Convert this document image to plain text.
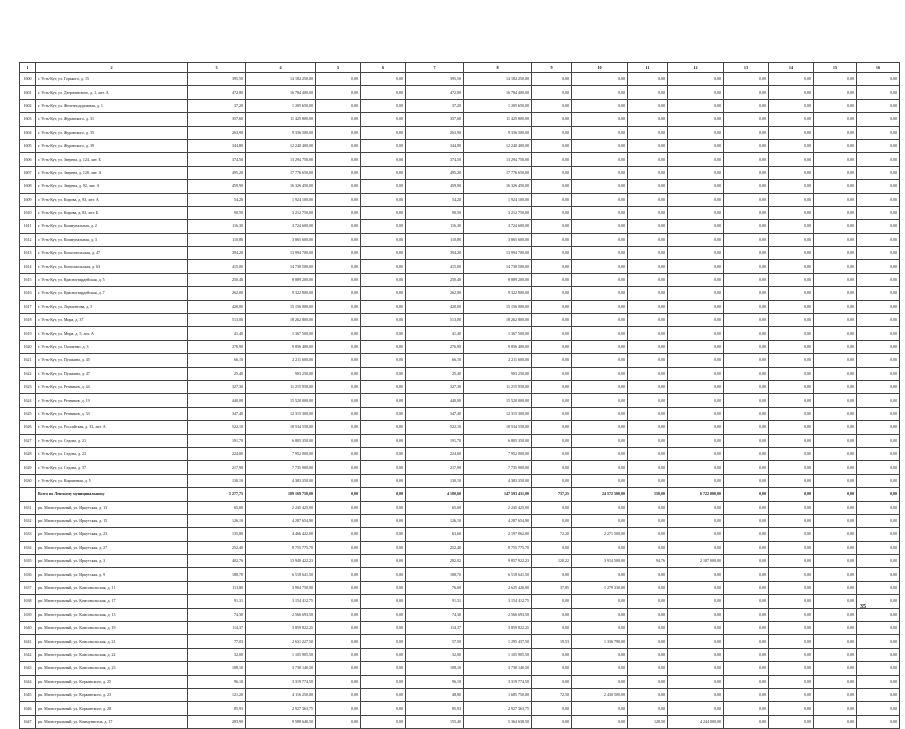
1	2	3	4	5	6	7	8	9	10	11	12	13	14	15	16
1600	г. Усть-Кут, ул. Горького, д. 15	395,50	14 182 250,00	0,00	0,00	395,50	14 182 250,00	0,00	0,00	0,00	0,00	0,00	0,00	0,00	0,00
1601	г. Усть-Кут, ул. Дзержинского, д. 1, лит. А	472,80	16 784 400,00	0,00	0,00	472,80	16 784 400,00	0,00	0,00	0,00	0,00	0,00	0,00	0,00	0,00
1602	г. Усть-Кут, ул. Железнодорожная, д. 1	37,20	1 205 650,00	0,00	0,00	37,20	1 205 650,00	0,00	0,00	0,00	0,00	0,00	0,00	0,00	0,00
1603	г. Усть-Кут, ул. Журавского, д. 31	357,60	11 425 800,00	0,00	0,00	357,60	11 425 800,00	0,00	0,00	0,00	0,00	0,00	0,00	0,00	0,00
1604	г. Усть-Кут, ул. Журавского, д. 35	263,90	9 336 500,00	0,00	0,00	263,90	9 336 500,00	0,00	0,00	0,00	0,00	0,00	0,00	0,00	0,00
1605	г. Усть-Кут, ул. Журавского, д. 39	344,80	12 240 400,00	0,00	0,00	344,80	12 240 400,00	0,00	0,00	0,00	0,00	0,00	0,00	0,00	0,00
1606	г. Усть-Кут, ул. Зверева, д. 124, лит. Б	374,50	13 294 750,00	0,00	0,00	374,50	13 294 750,00	0,00	0,00	0,00	0,00	0,00	0,00	0,00	0,00
1607	г. Усть-Кут, ул. Зверева, д. 128, лит. А	495,20	17 776 650,00	0,00	0,00	495,20	17 776 650,00	0,00	0,00	0,00	0,00	0,00	0,00	0,00	0,00
1608	г. Усть-Кут, ул. Зверева, д. 92, лит. А	459,90	16 326 450,00	0,00	0,00	459,90	16 326 450,00	0,00	0,00	0,00	0,00	0,00	0,00	0,00	0,00
1609	г. Усть-Кут, ул. Кирова, д. 83, лит. А	54,20	1 924 100,00	0,00	0,00	54,20	1 924 100,00	0,00	0,00	0,00	0,00	0,00	0,00	0,00	0,00
1610	г. Усть-Кут, ул. Кирова, д. 83, лит. Б	90,50	3 212 750,00	0,00	0,00	90,50	3 212 750,00	0,00	0,00	0,00	0,00	0,00	0,00	0,00	0,00
1611	г. Усть-Кут, ул. Коммунальная, д. 2	116,30	3 724 600,00	0,00	0,00	116,30	3 724 600,00	0,00	0,00	0,00	0,00	0,00	0,00	0,00	0,00
1612	г. Усть-Кут, ул. Коммунальная, д. 3	110,80	3 865 600,00	0,00	0,00	110,80	3 865 600,00	0,00	0,00	0,00	0,00	0,00	0,00	0,00	0,00
1613	г. Усть-Кут, ул. Комсомольская, д. 47	394,20	13 994 700,00	0,00	0,00	394,20	13 994 700,00	0,00	0,00	0,00	0,00	0,00	0,00	0,00	0,00
1614	г. Усть-Кут, ул. Комсомольская, д. 63	415,00	14 730 500,00	0,00	0,00	415,00	14 730 500,00	0,00	0,00	0,00	0,00	0,00	0,00	0,00	0,00
1615	г. Усть-Кут, ул. Красногвардейская, д. 5	250,40	8 889 200,00	0,00	0,00	250,40	8 889 200,00	0,00	0,00	0,00	0,00	0,00	0,00	0,00	0,00
1616	г. Усть-Кут, ул. Красногвардейская, д. 7	262,00	9 322 800,00	0,00	0,00	262,00	9 322 800,00	0,00	0,00	0,00	0,00	0,00	0,00	0,00	0,00
1617	г. Усть-Кут, ул. Лермонтова, д. 5	420,00	15 156 000,00	0,00	0,00	420,00	15 156 000,00	0,00	0,00	0,00	0,00	0,00	0,00	0,00	0,00
1618	г. Усть-Кут, ул. Мира, д. 37	513,00	18 262 800,00	0,00	0,00	513,00	18 262 800,00	0,00	0,00	0,00	0,00	0,00	0,00	0,00	0,00
1619	г. Усть-Кут, ул. Мира, д. 5, лит. А	41,40	1 367 500,00	0,00	0,00	41,40	1 367 500,00	0,00	0,00	0,00	0,00	0,00	0,00	0,00	0,00
1620	г. Усть-Кут, ул. Осипенко, д. 3	276,90	9 856 400,00	0,00	0,00	276,90	9 856 400,00	0,00	0,00	0,00	0,00	0,00	0,00	0,00	0,00
1621	г. Усть-Кут, ул. Пушкина, д. 45	66,10	2 211 600,00	0,00	0,00	66,10	2 211 600,00	0,00	0,00	0,00	0,00	0,00	0,00	0,00	0,00
1622	г. Усть-Кут, ул. Пушкина, д. 47	25,40	903 250,00	0,00	0,00	25,40	903 250,00	0,00	0,00	0,00	0,00	0,00	0,00	0,00	0,00
1623	г. Усть-Кут, ул. Речников, д. 44	327,30	11 215 950,00	0,00	0,00	327,30	11 215 950,00	0,00	0,00	0,00	0,00	0,00	0,00	0,00	0,00
1624	г. Усть-Кут, ул. Речников, д. 19	440,00	15 520 000,00	0,00	0,00	440,00	15 520 000,00	0,00	0,00	0,00	0,00	0,00	0,00	0,00	0,00
1625	г. Усть-Кут, ул. Речников, д. 33	347,40	12 315 300,00	0,00	0,00	347,40	12 315 300,00	0,00	0,00	0,00	0,00	0,00	0,00	0,00	0,00
1626	г. Усть-Кут, ул. Российская, д. 33, лит. А	522,10	18 534 550,00	0,00	0,00	522,10	18 534 550,00	0,00	0,00	0,00	0,00	0,00	0,00	0,00	0,00
1627	г. Усть-Кут, ул. Седова, д. 21	191,70	6 805 350,00	0,00	0,00	191,70	6 805 350,00	0,00	0,00	0,00	0,00	0,00	0,00	0,00	0,00
1628	г. Усть-Кут, ул. Седова, д. 23	224,00	7 952 000,00	0,00	0,00	224,00	7 952 000,00	0,00	0,00	0,00	0,00	0,00	0,00	0,00	0,00
1629	г. Усть-Кут, ул. Седова, д. 37	217,90	7 735 900,00	0,00	0,00	217,90	7 735 900,00	0,00	0,00	0,00	0,00	0,00	0,00	0,00	0,00
1630	г. Усть-Кут, ул. Кирпичная, д. 5	130,10	4 383 350,00	0,00	0,00	130,10	4 383 350,00	0,00	0,00	0,00	0,00	0,00	0,00	0,00	0,00
	Всего по Ленскому муниципальному	5 277,75	189 169 750,00	0,00	0,00	4 180,60	147 593 431,00	737,25	24 572 500,00	150,00	6 722 000,00	0,00	0,00	0,00	0,00
1631	рп. Магистральный, ул. Иркутская, д. 13	65,00	2 245 425,00	0,00	0,00	65,00	2 245 425,00	0,00	0,00	0,00	0,00	0,00	0,00	0,00	0,00
1632	рп. Магистральный, ул. Иркутская, д. 15	126,10	4 287 654,90	0,00	0,00	126,10	4 287 654,90	0,00	0,00	0,00	0,00	0,00	0,00	0,00	0,00
1633	рп. Магистральный, ул. Иркутская, д. 23	135,80	4 466 422,00	0,00	0,00	63,60	2 197 062,00	72,20	2 271 500,00	0,00	0,00	0,00	0,00	0,00	0,00
1634	рп. Магистральный, ул. Иркутская, д. 27	252,40	8 755 775,70	0,00	0,00	252,40	8 755 775,70	0,00	0,00	0,00	0,00	0,00	0,00	0,00	0,00
1635	рп. Магистральный, ул. Иркутская, д. 3	402,76	13 949 422,23	0,00	0,00	282,02	9 857 922,23	120,22	3 914 500,00	94,76	2 187 000,00	0,00	0,00	0,00	0,00
1636	рп. Магистральный, ул. Иркутская, д. 9	188,70	6 518 641,50	0,00	0,00	188,70	6 518 641,50	0,00	0,00	0,00	0,00	0,00	0,00	0,00	0,00
1637	рп. Магистральный, ул. Комсомольская, д. 11	113,80	3 904 750,00	0,00	0,00	76,00	2 625 420,00	37,85	1 279 330,00	0,00	0,00	0,00	0,00	0,00	0,00
1638	рп. Магистральный, ул. Комсомольская, д. 17	91,31	3 154 412,75	0,00	0,00	91,31	3 154 412,75	0,00	0,00	0,00	0,00	0,00	0,00	0,00	0,00
1639	рп. Магистральный, ул. Комсомольская, д. 13	74,30	2 566 693,50	0,00	0,00	74,30	2 566 693,50	0,00	0,00	0,00	0,00	0,00	0,00	0,00	0,00
1640	рп. Магистральный, ул. Комсомольская, д. 19	114,37	3 859 822,25	0,00	0,00	114,37	3 859 822,25	0,00	0,00	0,00	0,00	0,00	0,00	0,00	0,00
1641	рп. Магистральный, ул. Комсомольская, д. 21	77,03	2 631 227,50	0,00	0,00	57,50	1 295 437,50	19,53	1 336 790,00	0,00	0,00	0,00	0,00	0,00	0,00
1642	рп. Магистральный, ул. Комсомольская, д. 22	32,00	1 105 905,50	0,00	0,00	32,00	1 105 905,50	0,00	0,00	0,00	0,00	0,00	0,00	0,00	0,00
1643	рп. Магистральный, ул. Комсомольская, д. 23	108,10	3 730 140,50	0,00	0,00	108,10	3 730 140,50	0,00	0,00	0,00	0,00	0,00	0,00	0,00	0,00
1644	рп. Магистральный, ул. Коркинского, д. 25	96,10	3 319 774,50	0,00	0,00	96,10	3 319 774,50	0,00	0,00	0,00	0,00	0,00	0,00	0,00	0,00
1645	рп. Магистральный, ул. Коркинского, д. 23	121,20	4 116 250,00	0,00	0,00	48,80	1 685 750,00	72,50	2 430 500,00	0,00	0,00	0,00	0,00	0,00	0,00
1646	рп. Магистральный, ул. Коркинского, д. 28	85,93	2 927 363,75	0,00	0,00	85,93	2 927 363,75	0,00	0,00	0,00	0,00	0,00	0,00	0,00	0,00
1647	рп. Магистральный, ул. Коммунистов, д. 17	283,90	9 588 640,50	0,00	0,00	155,40	5 364 638,50	0,00	0,00	128,50	4 244 000,00	0,00	0,00	0,00	0,00
35
